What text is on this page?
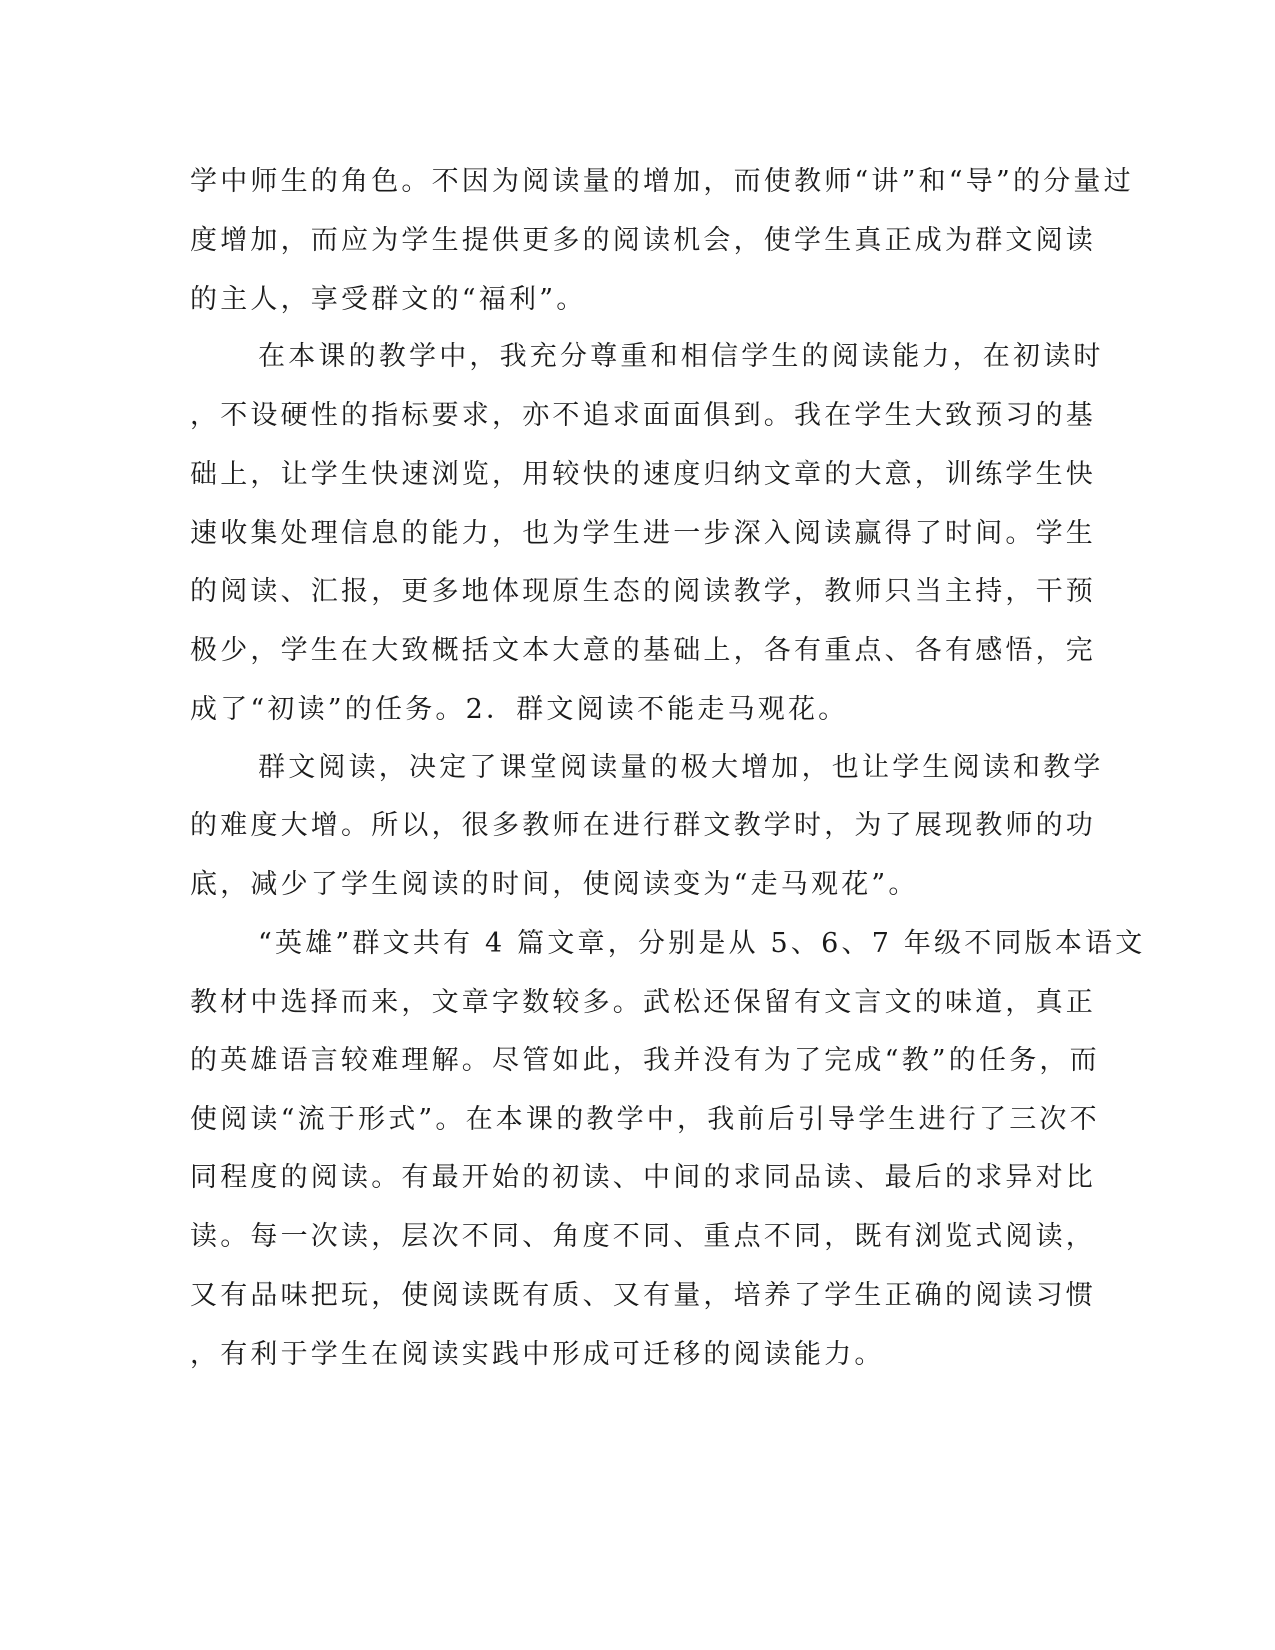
学中师生的角色。不因为阅读量的增加，而使教师“讲”和“导”的分量过
度增加，而应为学生提供更多的阅读机会，使学生真正成为群文阅读
的主人，享受群文的“福利”。
在本课的教学中，我充分尊重和相信学生的阅读能力，在初读时
，不设硬性的指标要求，亦不追求面面俱到。我在学生大致预习的基
础上，让学生快速浏览，用较快的速度归纳文章的大意，训练学生快
速收集处理信息的能力，也为学生进一步深入阅读赢得了时间。学生
的阅读、汇报，更多地体现原生态的阅读教学，教师只当主持，干预
极少，学生在大致概括文本大意的基础上，各有重点、各有感悟，完
成了“初读”的任务。2．群文阅读不能走马观花。
群文阅读，决定了课堂阅读量的极大增加，也让学生阅读和教学
的难度大增。所以，很多教师在进行群文教学时，为了展现教师的功
底，减少了学生阅读的时间，使阅读变为“走马观花”。
“英雄”群文共有 4 篇文章，分别是从 5、6、7 年级不同版本语文
教材中选择而来，文章字数较多。武松还保留有文言文的味道，真正
的英雄语言较难理解。尽管如此，我并没有为了完成“教”的任务，而
使阅读“流于形式”。在本课的教学中，我前后引导学生进行了三次不
同程度的阅读。有最开始的初读、中间的求同品读、最后的求异对比
读。每一次读，层次不同、角度不同、重点不同，既有浏览式阅读，
又有品味把玩，使阅读既有质、又有量，培养了学生正确的阅读习惯
，有利于学生在阅读实践中形成可迁移的阅读能力。
